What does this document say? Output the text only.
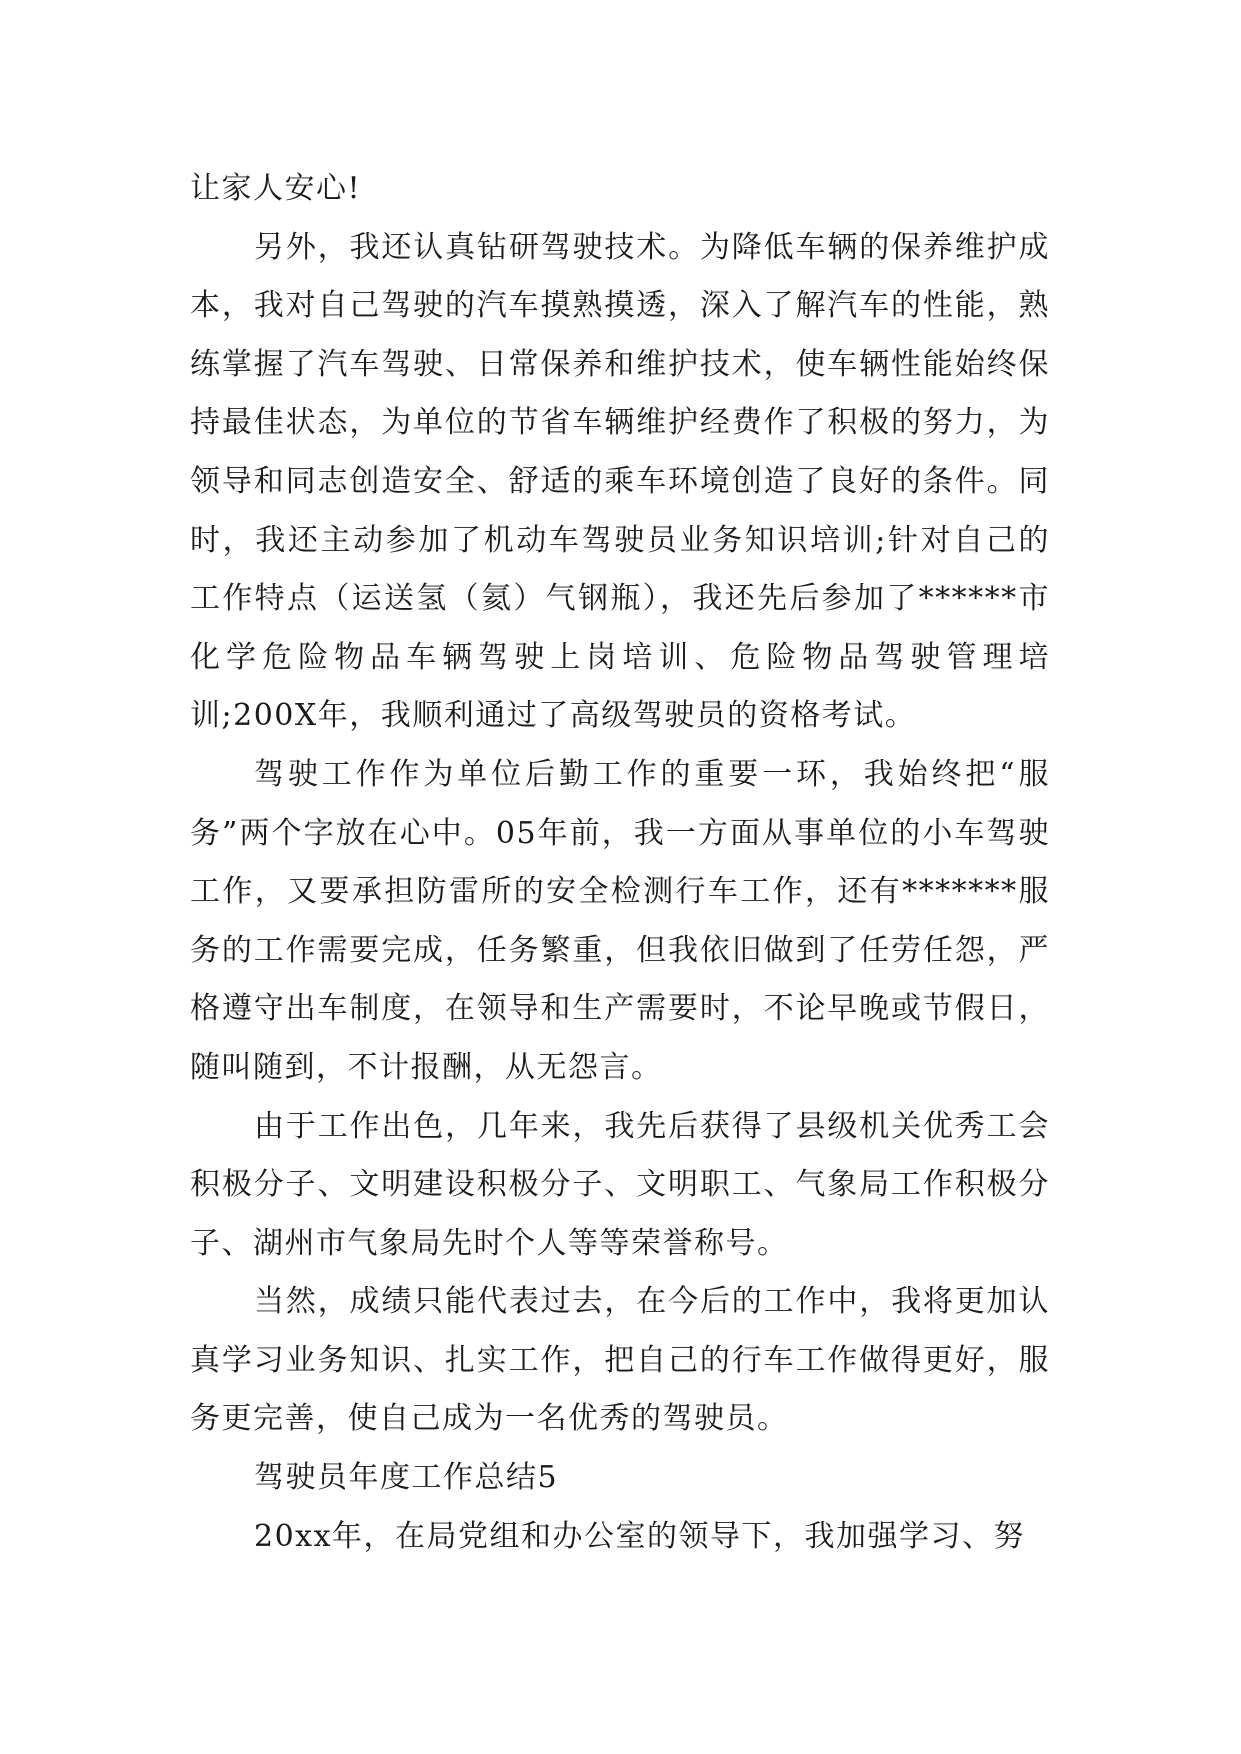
让家人安心!

另外，我还认真钻研驾驶技术。为降低车辆的保养维护成本，我对自己驾驶的汽车摸熟摸透，深入了解汽车的性能，熟练掌握了汽车驾驶、日常保养和维护技术，使车辆性能始终保持最佳状态，为单位的节省车辆维护经费作了积极的努力，为领导和同志创造安全、舒适的乘车环境创造了良好的条件。同时，我还主动参加了机动车驾驶员业务知识培训;针对自己的工作特点（运送氢（氦）气钢瓶），我还先后参加了******市化学危险物品车辆驾驶上岗培训、危险物品驾驶管理培训;200X年，我顺利通过了高级驾驶员的资格考试。

驾驶工作作为单位后勤工作的重要一环，我始终把“服务”两个字放在心中。05年前，我一方面从事单位的小车驾驶工作，又要承担防雷所的安全检测行车工作，还有*******服务的工作需要完成，任务繁重，但我依旧做到了任劳任怨，严格遵守出车制度，在领导和生产需要时，不论早晚或节假日，随叫随到，不计报酬，从无怨言。

由于工作出色，几年来，我先后获得了县级机关优秀工会积极分子、文明建设积极分子、文明职工、气象局工作积极分子、湖州市气象局先时个人等等荣誉称号。

当然，成绩只能代表过去，在今后的工作中，我将更加认真学习业务知识、扎实工作，把自己的行车工作做得更好，服务更完善，使自己成为一名优秀的驾驶员。

驾驶员年度工作总结5

20xx年，在局党组和办公室的领导下，我加强学习、努
